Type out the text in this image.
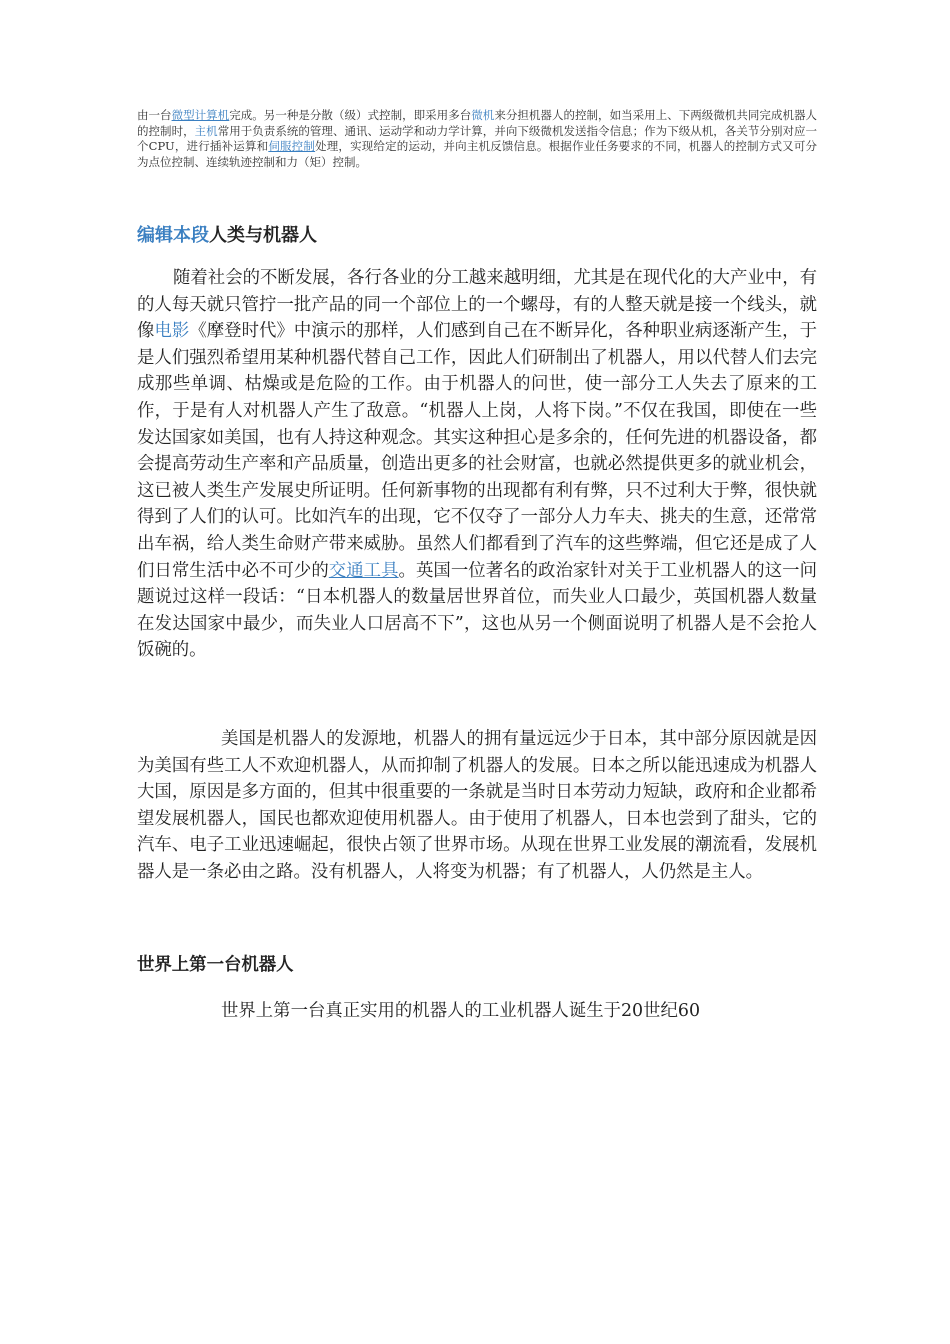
由一台微型计算机完成。另一种是分散（级）式控制，即采用多台微机来分担机器人的控制，如当采用上、下两级微机共同完成机器人的控制时，主机常用于负责系统的管理、通讯、运动学和动力学计算，并向下级微机发送指令信息；作为下级从机，各关节分别对应一个CPU，进行插补运算和伺服控制处理，实现给定的运动，并向主机反馈信息。根据作业任务要求的不同，机器人的控制方式又可分为点位控制、连续轨迹控制和力（矩）控制。

编辑本段人类与机器人

随着社会的不断发展，各行各业的分工越来越明细，尤其是在现代化的大产业中，有的人每天就只管拧一批产品的同一个部位上的一个螺母，有的人整天就是接一个线头，就像电影《摩登时代》中演示的那样，人们感到自己在不断异化，各种职业病逐渐产生，于是人们强烈希望用某种机器代替自己工作，因此人们研制出了机器人，用以代替人们去完成那些单调、枯燥或是危险的工作。由于机器人的问世，使一部分工人失去了原来的工作，于是有人对机器人产生了敌意。“机器人上岗，人将下岗。”不仅在我国，即使在一些发达国家如美国，也有人持这种观念。其实这种担心是多余的，任何先进的机器设备，都会提高劳动生产率和产品质量，创造出更多的社会财富，也就必然提供更多的就业机会，这已被人类生产发展史所证明。任何新事物的出现都有利有弊，只不过利大于弊，很快就得到了人们的认可。比如汽车的出现，它不仅夺了一部分人力车夫、挑夫的生意，还常常出车祸，给人类生命财产带来威胁。虽然人们都看到了汽车的这些弊端，但它还是成了人们日常生活中必不可少的交通工具。英国一位著名的政治家针对关于工业机器人的这一问题说过这样一段话：“日本机器人的数量居世界首位，而失业人口最少，英国机器人数量在发达国家中最少，而失业人口居高不下”，这也从另一个侧面说明了机器人是不会抢人饭碗的。

美国是机器人的发源地，机器人的拥有量远远少于日本，其中部分原因就是因为美国有些工人不欢迎机器人，从而抑制了机器人的发展。日本之所以能迅速成为机器人大国，原因是多方面的，但其中很重要的一条就是当时日本劳动力短缺，政府和企业都希望发展机器人，国民也都欢迎使用机器人。由于使用了机器人，日本也尝到了甜头，它的汽车、电子工业迅速崛起，很快占领了世界市场。从现在世界工业发展的潮流看，发展机器人是一条必由之路。没有机器人，人将变为机器；有了机器人，人仍然是主人。

世界上第一台机器人

世界上第一台真正实用的机器人的工业机器人诞生于20世纪60
